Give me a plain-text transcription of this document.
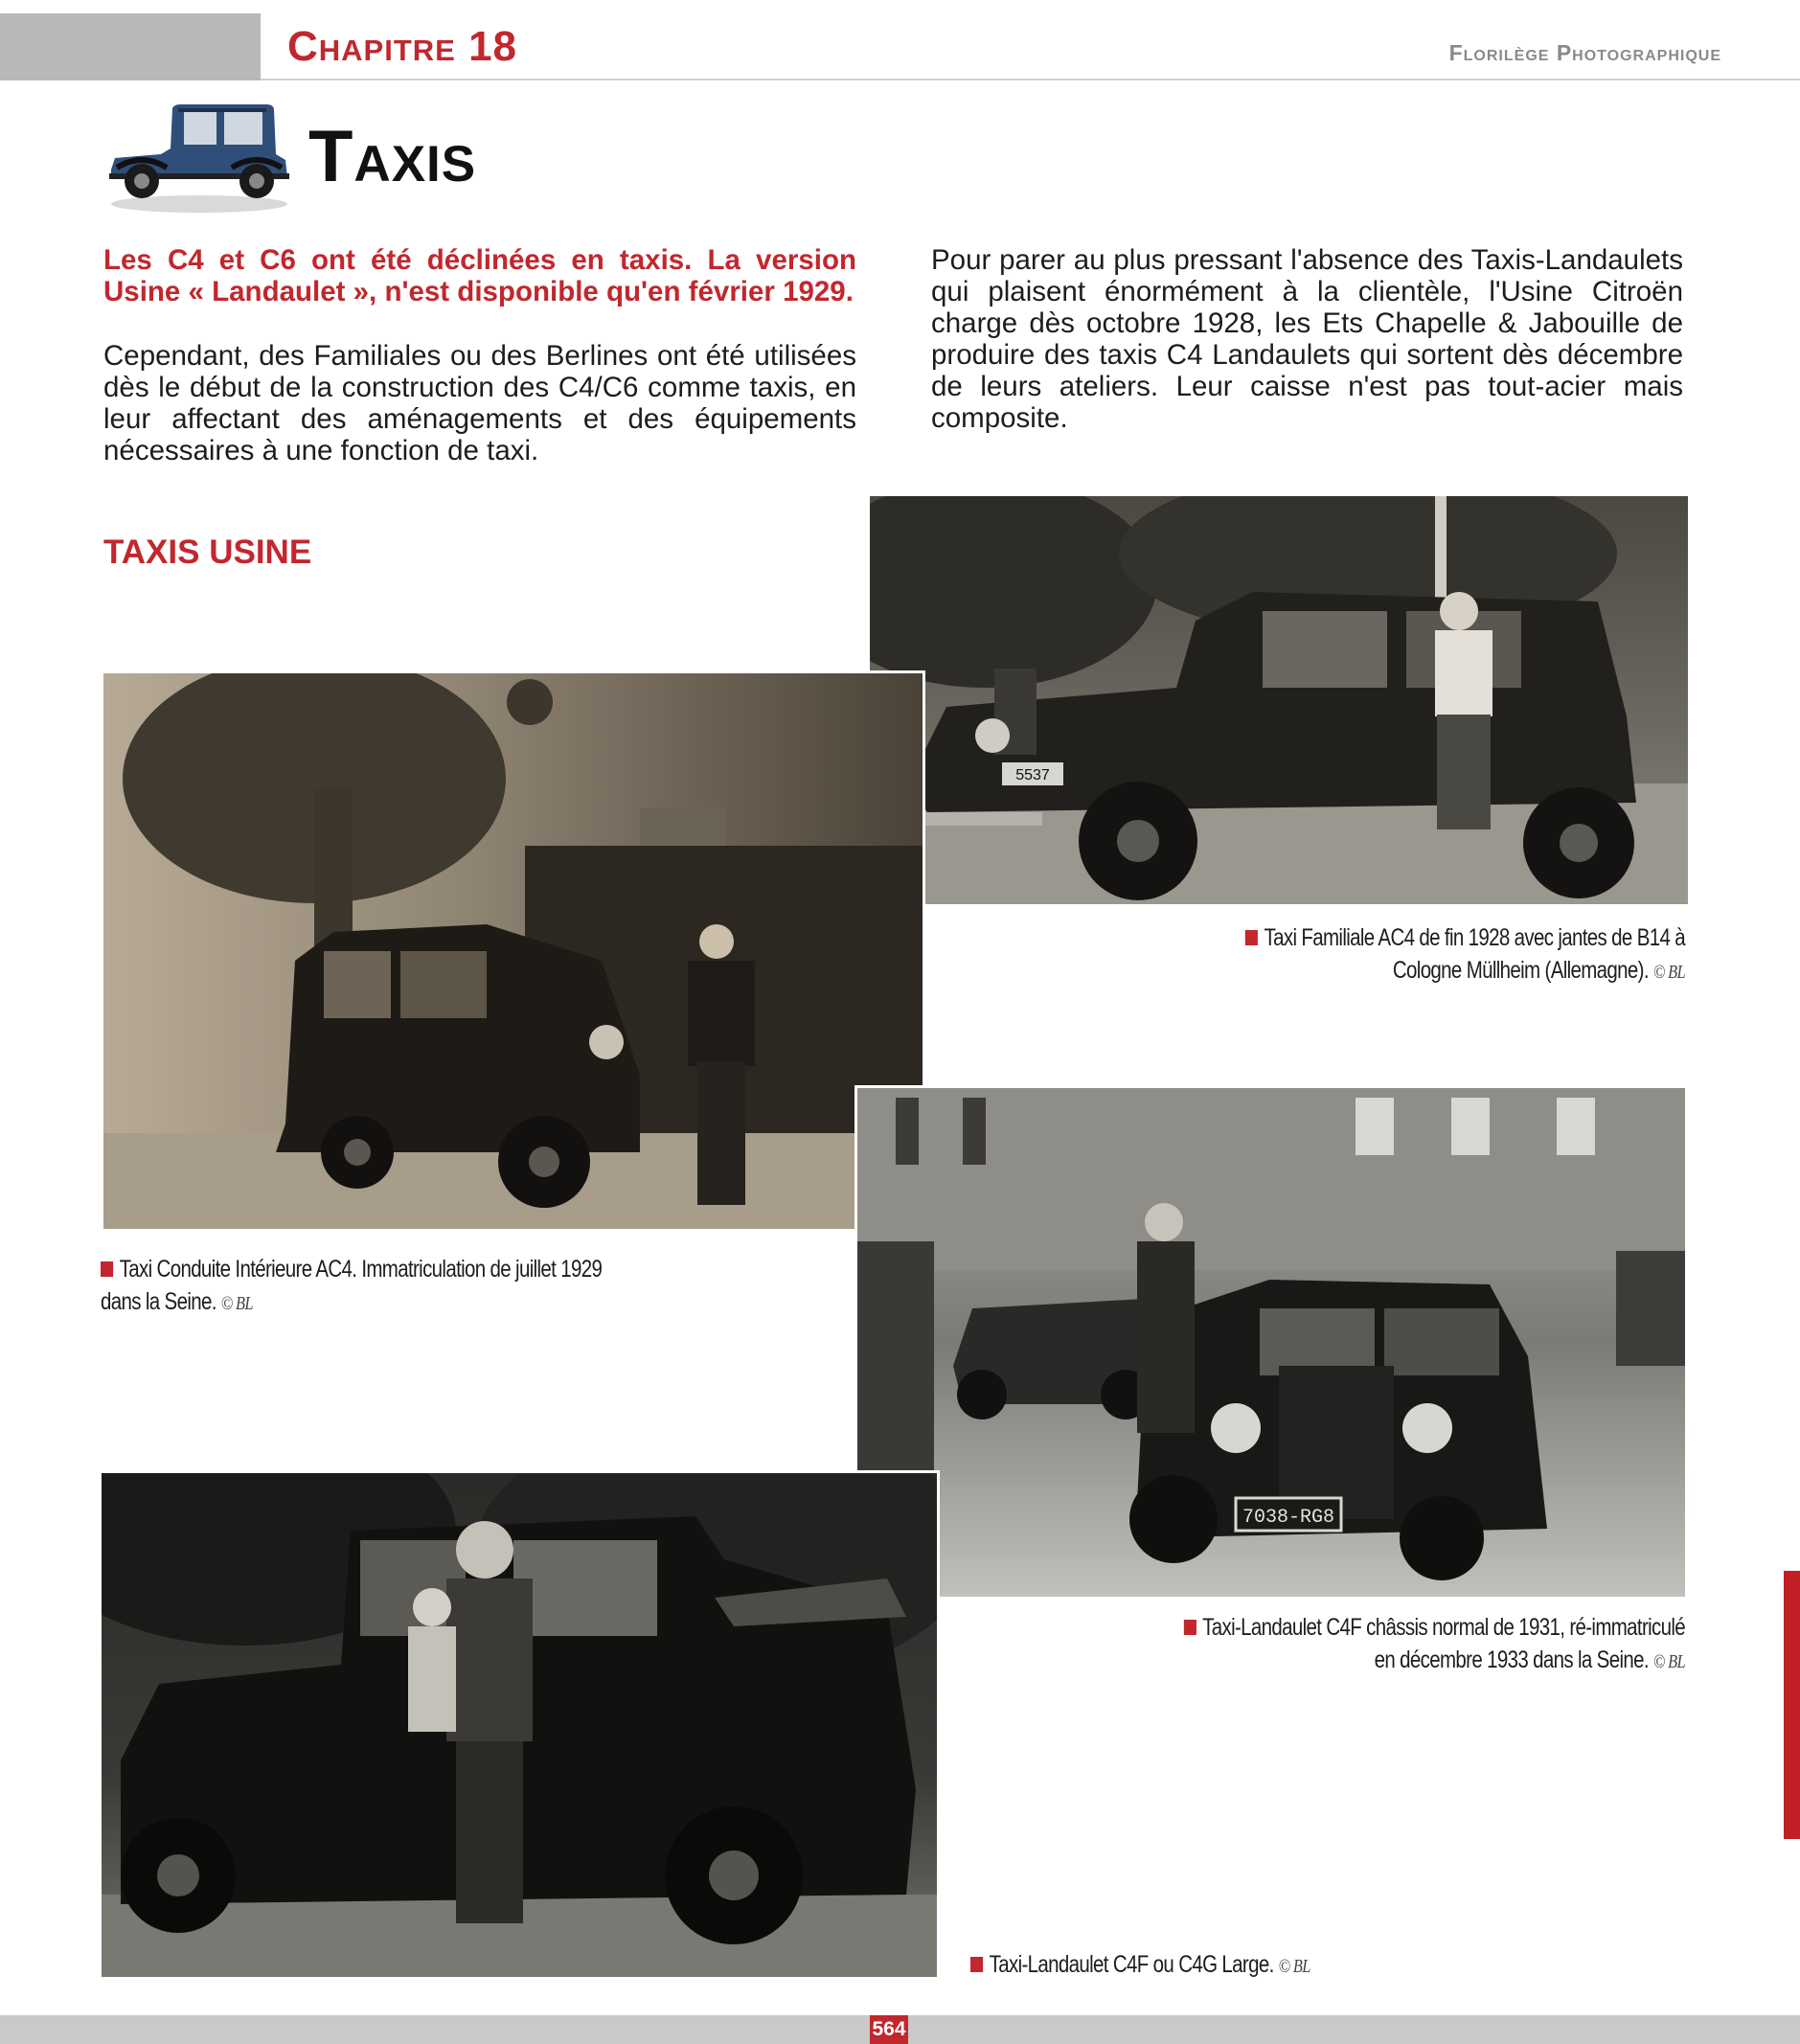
Chapitre 18	Florilège Photographique
Taxis
Les C4 et C6 ont été déclinées en taxis. La version Usine « Landaulet », n'est disponible qu'en février 1929.
Cependant, des Familiales ou des Berlines ont été utilisées dès le début de la construction des C4/C6 comme taxis, en leur affectant des aménagements et des équipements nécessaires à une fonction de taxi.
Pour parer au plus pressant l'absence des Taxis-Landaulets qui plaisent énormément à la clientèle, l'Usine Citroën charge dès octobre 1928, les Ets Chapelle & Jabouille de produire des taxis C4 Landaulets qui sortent dès décembre de leurs ateliers. Leur caisse n'est pas tout-acier mais composite.
TAXIS USINE
5537
7038-RG8
Taxi Familiale AC4 de fin 1928 avec jantes de B14 à
Cologne Müllheim (Allemagne). © BL
Taxi Conduite Intérieure AC4. Immatriculation de juillet 1929
dans la Seine. © BL
Taxi-Landaulet C4F châssis normal de 1931, ré-immatriculé
en décembre 1933 dans la Seine. © BL
Taxi-Landaulet C4F ou C4G Large. © BL
564
